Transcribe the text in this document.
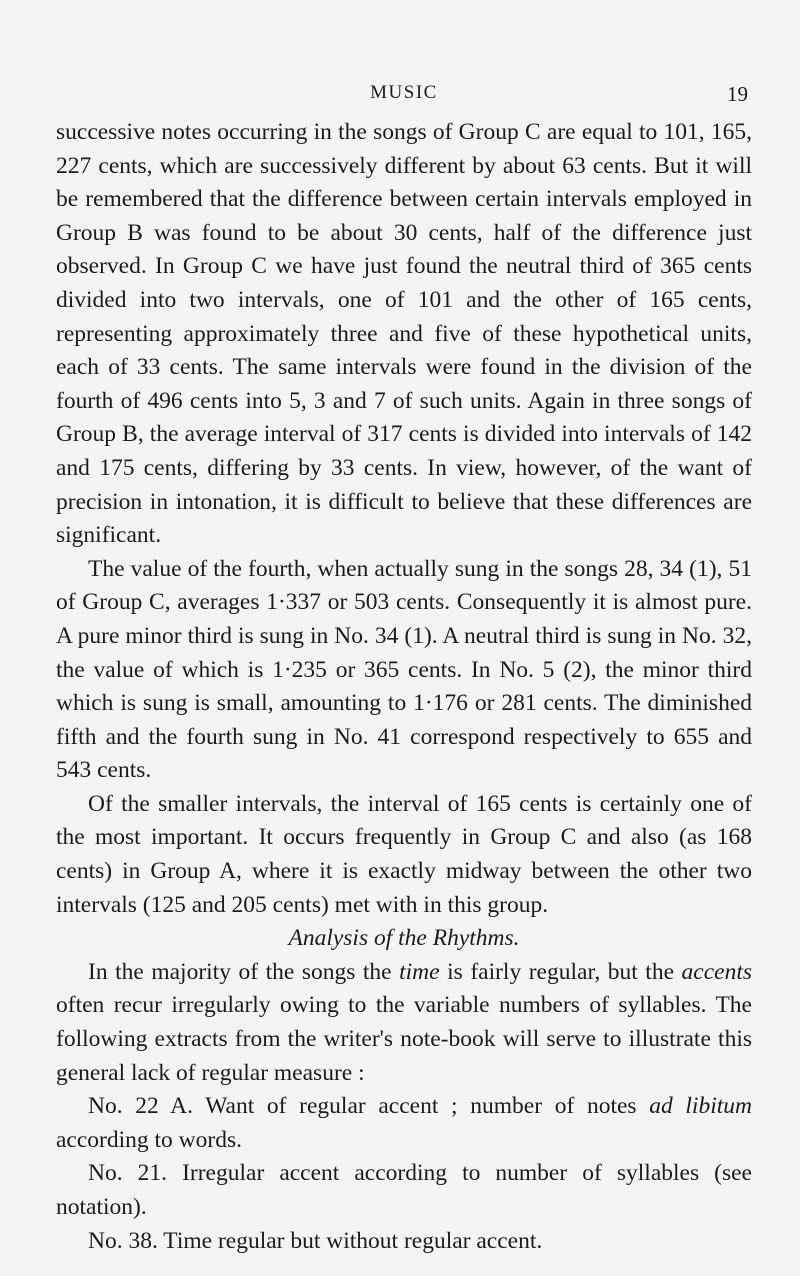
MUSIC	19

successive notes occurring in the songs of Group C are equal to 101, 165, 227 cents, which are successively different by about 63 cents. But it will be remembered that the difference between certain intervals employed in Group B was found to be about 30 cents, half of the difference just observed. In Group C we have just found the neutral third of 365 cents divided into two intervals, one of 101 and the other of 165 cents, representing approximately three and five of these hypothetical units, each of 33 cents. The same intervals were found in the division of the fourth of 496 cents into 5, 3 and 7 of such units. Again in three songs of Group B, the average interval of 317 cents is divided into intervals of 142 and 175 cents, differing by 33 cents. In view, however, of the want of precision in intonation, it is difficult to believe that these differences are significant.

The value of the fourth, when actually sung in the songs 28, 34 (1), 51 of Group C, averages 1·337 or 503 cents. Consequently it is almost pure. A pure minor third is sung in No. 34 (1). A neutral third is sung in No. 32, the value of which is 1·235 or 365 cents. In No. 5 (2), the minor third which is sung is small, amounting to 1·176 or 281 cents. The diminished fifth and the fourth sung in No. 41 correspond respectively to 655 and 543 cents.

Of the smaller intervals, the interval of 165 cents is certainly one of the most important. It occurs frequently in Group C and also (as 168 cents) in Group A, where it is exactly midway between the other two intervals (125 and 205 cents) met with in this group.

Analysis of the Rhythms.

In the majority of the songs the time is fairly regular, but the accents often recur irregularly owing to the variable numbers of syllables. The following extracts from the writer's note-book will serve to illustrate this general lack of regular measure :

No. 22 A. Want of regular accent ; number of notes ad libitum according to words.

No. 21. Irregular accent according to number of syllables (see notation).

No. 38. Time regular but without regular accent.
